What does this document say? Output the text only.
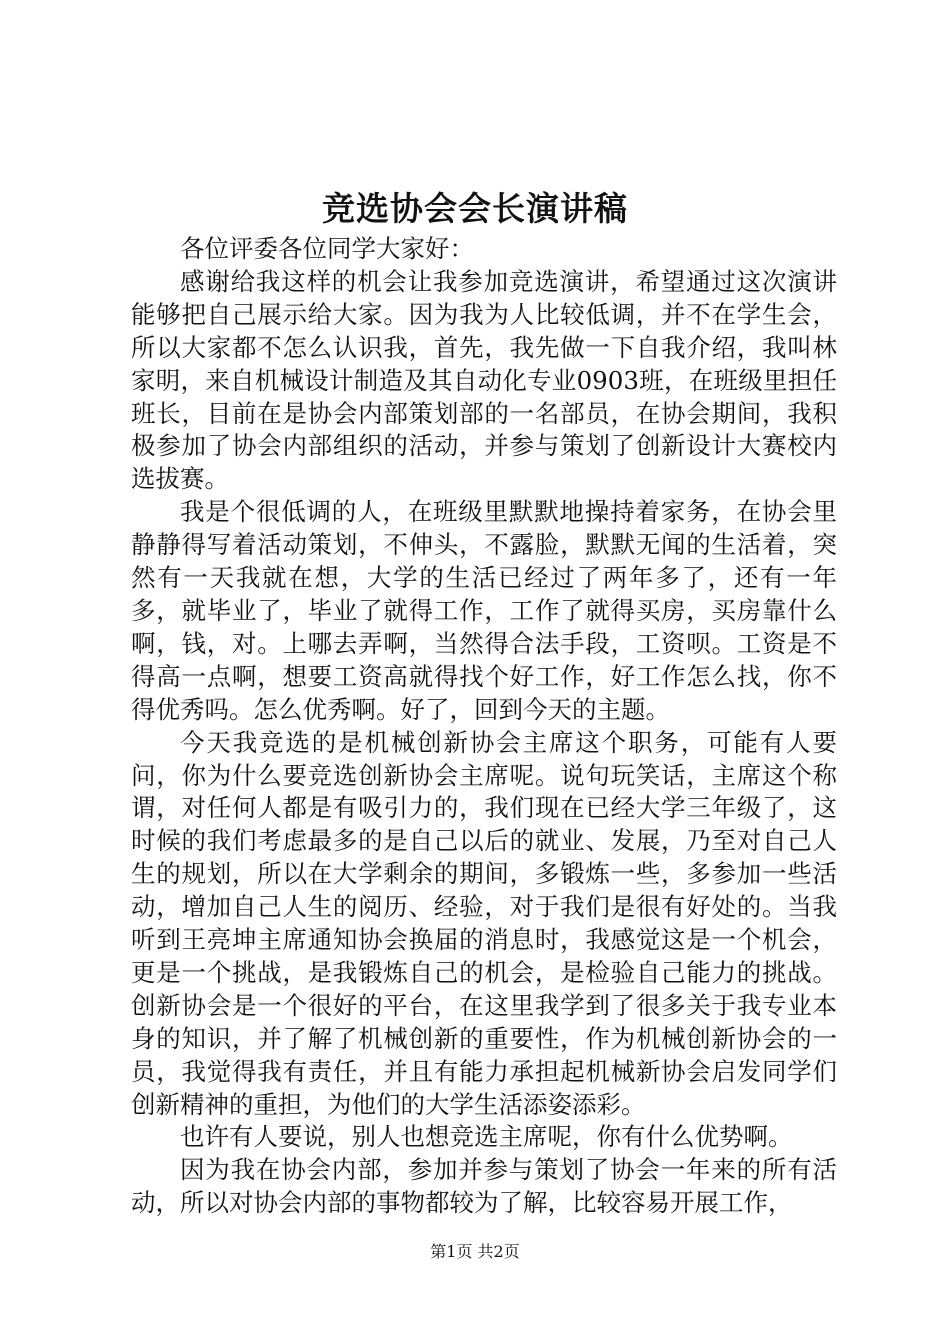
竞选协会会长演讲稿

各位评委各位同学大家好：

感谢给我这样的机会让我参加竞选演讲，希望通过这次演讲能够把自己展示给大家。因为我为人比较低调，并不在学生会，所以大家都不怎么认识我，首先，我先做一下自我介绍，我叫林家明，来自机械设计制造及其自动化专业0903班，在班级里担任班长，目前在是协会内部策划部的一名部员，在协会期间，我积极参加了协会内部组织的活动，并参与策划了创新设计大赛校内选拔赛。

我是个很低调的人，在班级里默默地操持着家务，在协会里静静得写着活动策划，不伸头，不露脸，默默无闻的生活着，突然有一天我就在想，大学的生活已经过了两年多了，还有一年多，就毕业了，毕业了就得工作，工作了就得买房，买房靠什么啊，钱，对。上哪去弄啊，当然得合法手段，工资呗。工资是不得高一点啊，想要工资高就得找个好工作，好工作怎么找，你不得优秀吗。怎么优秀啊。好了，回到今天的主题。

今天我竞选的是机械创新协会主席这个职务，可能有人要问，你为什么要竞选创新协会主席呢。说句玩笑话，主席这个称谓，对任何人都是有吸引力的，我们现在已经大学三年级了，这时候的我们考虑最多的是自己以后的就业、发展，乃至对自己人生的规划，所以在大学剩余的期间，多锻炼一些，多参加一些活动，增加自己人生的阅历、经验，对于我们是很有好处的。当我听到王亮坤主席通知协会换届的消息时，我感觉这是一个机会，更是一个挑战，是我锻炼自己的机会，是检验自己能力的挑战。创新协会是一个很好的平台，在这里我学到了很多关于我专业本身的知识，并了解了机械创新的重要性，作为机械创新协会的一员，我觉得我有责任，并且有能力承担起机械新协会启发同学们创新精神的重担，为他们的大学生活添姿添彩。

也许有人要说，别人也想竞选主席呢，你有什么优势啊。

因为我在协会内部，参加并参与策划了协会一年来的所有活动，所以对协会内部的事物都较为了解，比较容易开展工作，

第1页 共2页
